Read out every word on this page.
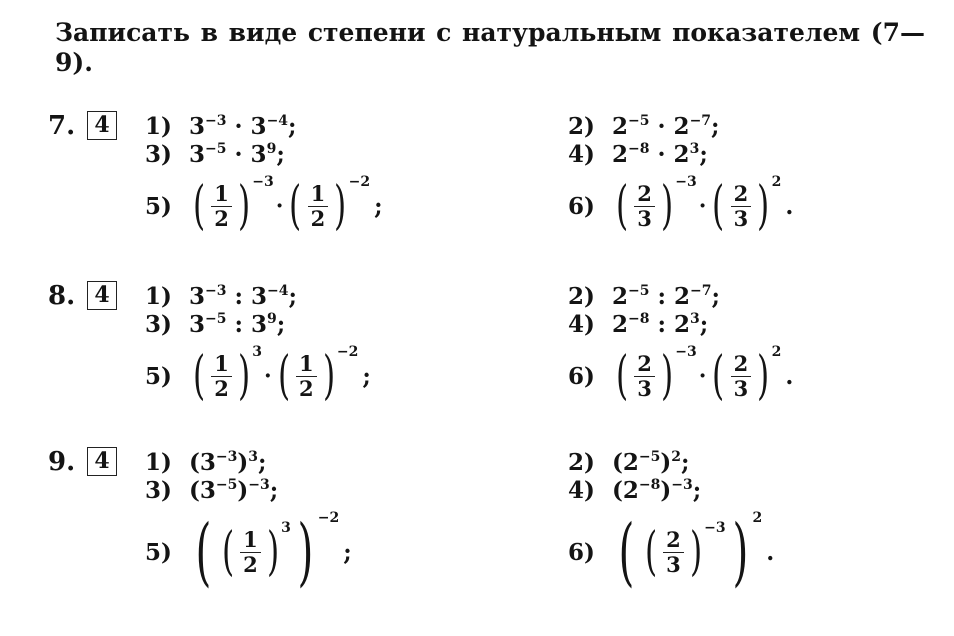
Записать в виде степени с натуральным показателем (7—9).
7. 4	1) $3^{-3} \cdot 3^{-4}$;	2) $2^{-5} \cdot 2^{-7}$;
3) $3^{-5} \cdot 3^9$;	4) $2^{-8} \cdot 2^3$;
5) ( $\frac{1}{2}$ ) −3· ( $\frac{1}{2}$ ) −2;	6) ( $\frac{2}{3}$ ) −3· ( $\frac{2}{3}$ ) 2.
8. 4	1) $3^{-3}$ : $3^{-4}$;	2) $2^{-5}$ : $2^{-7}$;
3) $3^{-5}$ : $3^9$;	4) $2^{-8}$ : $2^3$;
5) ( $\frac{1}{2}$ ) 3· ( $\frac{1}{2}$ ) −2;	6) ( $\frac{2}{3}$ ) −3· ( $\frac{2}{3}$ ) 2.
9. 4	1) $(3^{-3})^3$;	2) $(2^{-5})^2$;
3) $(3^{-5})^{-3}$;	4) $(2^{-8})^{-3}$;
5) ( ( $\frac{1}{2}$ ) 3) −2;	6) ( ( $\frac{2}{3}$ ) −3) 2.
